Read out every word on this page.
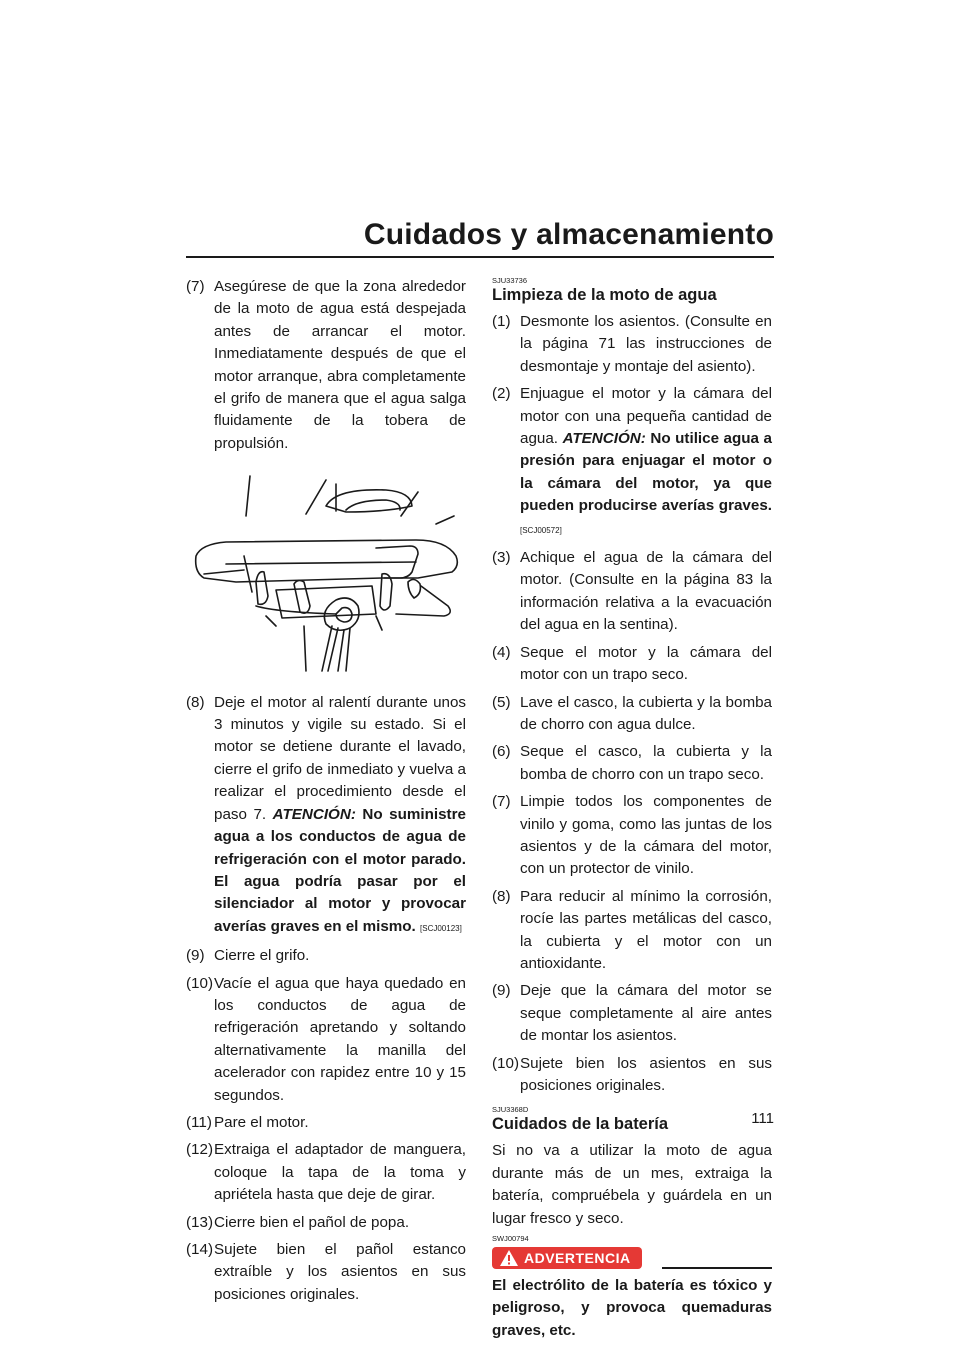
Cuidados y almacenamiento
(7) Asegúrese de que la zona alrededor de la moto de agua está despejada antes de arrancar el motor. Inmediatamente después de que el motor arranque, abra completamente el grifo de manera que el agua salga fluidamente de la tobera de propulsión.
(8) Deje el motor al ralentí durante unos 3 minutos y vigile su estado. Si el motor se detiene durante el lavado, cierre el grifo de inmediato y vuelva a realizar el procedimiento desde el paso 7. ATENCIÓN: No suministre agua a los conductos de agua de refrigeración con el motor parado. El agua podría pasar por el silenciador al motor y provocar averías graves en el mismo. [SCJ00123]
(9) Cierre el grifo.
(10) Vacíe el agua que haya quedado en los conductos de agua de refrigeración apretando y soltando alternativamente la manilla del acelerador con rapidez entre 10 y 15 segundos.
(11) Pare el motor.
(12) Extraiga el adaptador de manguera, coloque la tapa de la toma y apriétela hasta que deje de girar.
(13) Cierre bien el pañol de popa.
(14) Sujete bien el pañol estanco extraíble y los asientos en sus posiciones originales.
SJU33736
Limpieza de la moto de agua
(1) Desmonte los asientos. (Consulte en la página 71 las instrucciones de desmontaje y montaje del asiento).
(2) Enjuague el motor y la cámara del motor con una pequeña cantidad de agua. ATENCIÓN: No utilice agua a presión para enjuagar el motor o la cámara del motor, ya que pueden producirse averías graves. [SCJ00572]
(3) Achique el agua de la cámara del motor. (Consulte en la página 83 la información relativa a la evacuación del agua en la sentina).
(4) Seque el motor y la cámara del motor con un trapo seco.
(5) Lave el casco, la cubierta y la bomba de chorro con agua dulce.
(6) Seque el casco, la cubierta y la bomba de chorro con un trapo seco.
(7) Limpie todos los componentes de vinilo y goma, como las juntas de los asientos y de la cámara del motor, con un protector de vinilo.
(8) Para reducir al mínimo la corrosión, rocíe las partes metálicas del casco, la cubierta y el motor con un antioxidante.
(9) Deje que la cámara del motor se seque completamente al aire antes de montar los asientos.
(10) Sujete bien los asientos en sus posiciones originales.
SJU3368D
Cuidados de la batería
Si no va a utilizar la moto de agua durante más de un mes, extraiga la batería, compruébela y guárdela en un lugar fresco y seco.
SWJ00794
ADVERTENCIA
El electrólito de la batería es tóxico y peligroso, y provoca quemaduras graves, etc.
111
